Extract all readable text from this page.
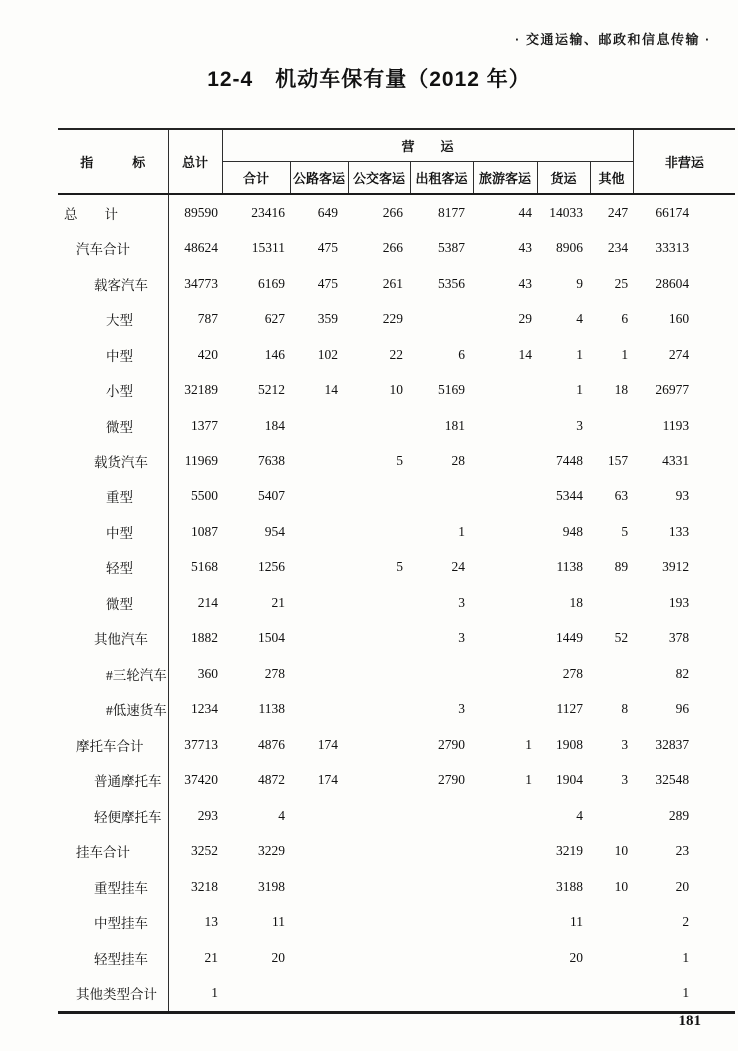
· 交通运输、邮政和信息传输 ·
12-4　机动车保有量（2012 年）
指　　　标	总计	营　　运							非营运
		合计	公路客运	公交客运	出租客运	旅游客运	货运	其他	
总　　计	89590	23416	649	266	8177	44	14033	247	66174
汽车合计	48624	15311	475	266	5387	43	8906	234	33313
载客汽车	34773	6169	475	261	5356	43	9	25	28604
大型	787	627	359	229		29	4	6	160
中型	420	146	102	22	6	14	1	1	274
小型	32189	5212	14	10	5169		1	18	26977
微型	1377	184			181		3		1193
载货汽车	11969	7638		5	28		7448	157	4331
重型	5500	5407					5344	63	93
中型	1087	954			1		948	5	133
轻型	5168	1256		5	24		1138	89	3912
微型	214	21			3		18		193
其他汽车	1882	1504			3		1449	52	378
#三轮汽车	360	278					278		82
#低速货车	1234	1138			3		1127	8	96
摩托车合计	37713	4876	174		2790	1	1908	3	32837
普通摩托车	37420	4872	174		2790	1	1904	3	32548
轻便摩托车	293	4					4		289
挂车合计	3252	3229					3219	10	23
重型挂车	3218	3198					3188	10	20
中型挂车	13	11					11		2
轻型挂车	21	20					20		1
其他类型合计	1								1
181
